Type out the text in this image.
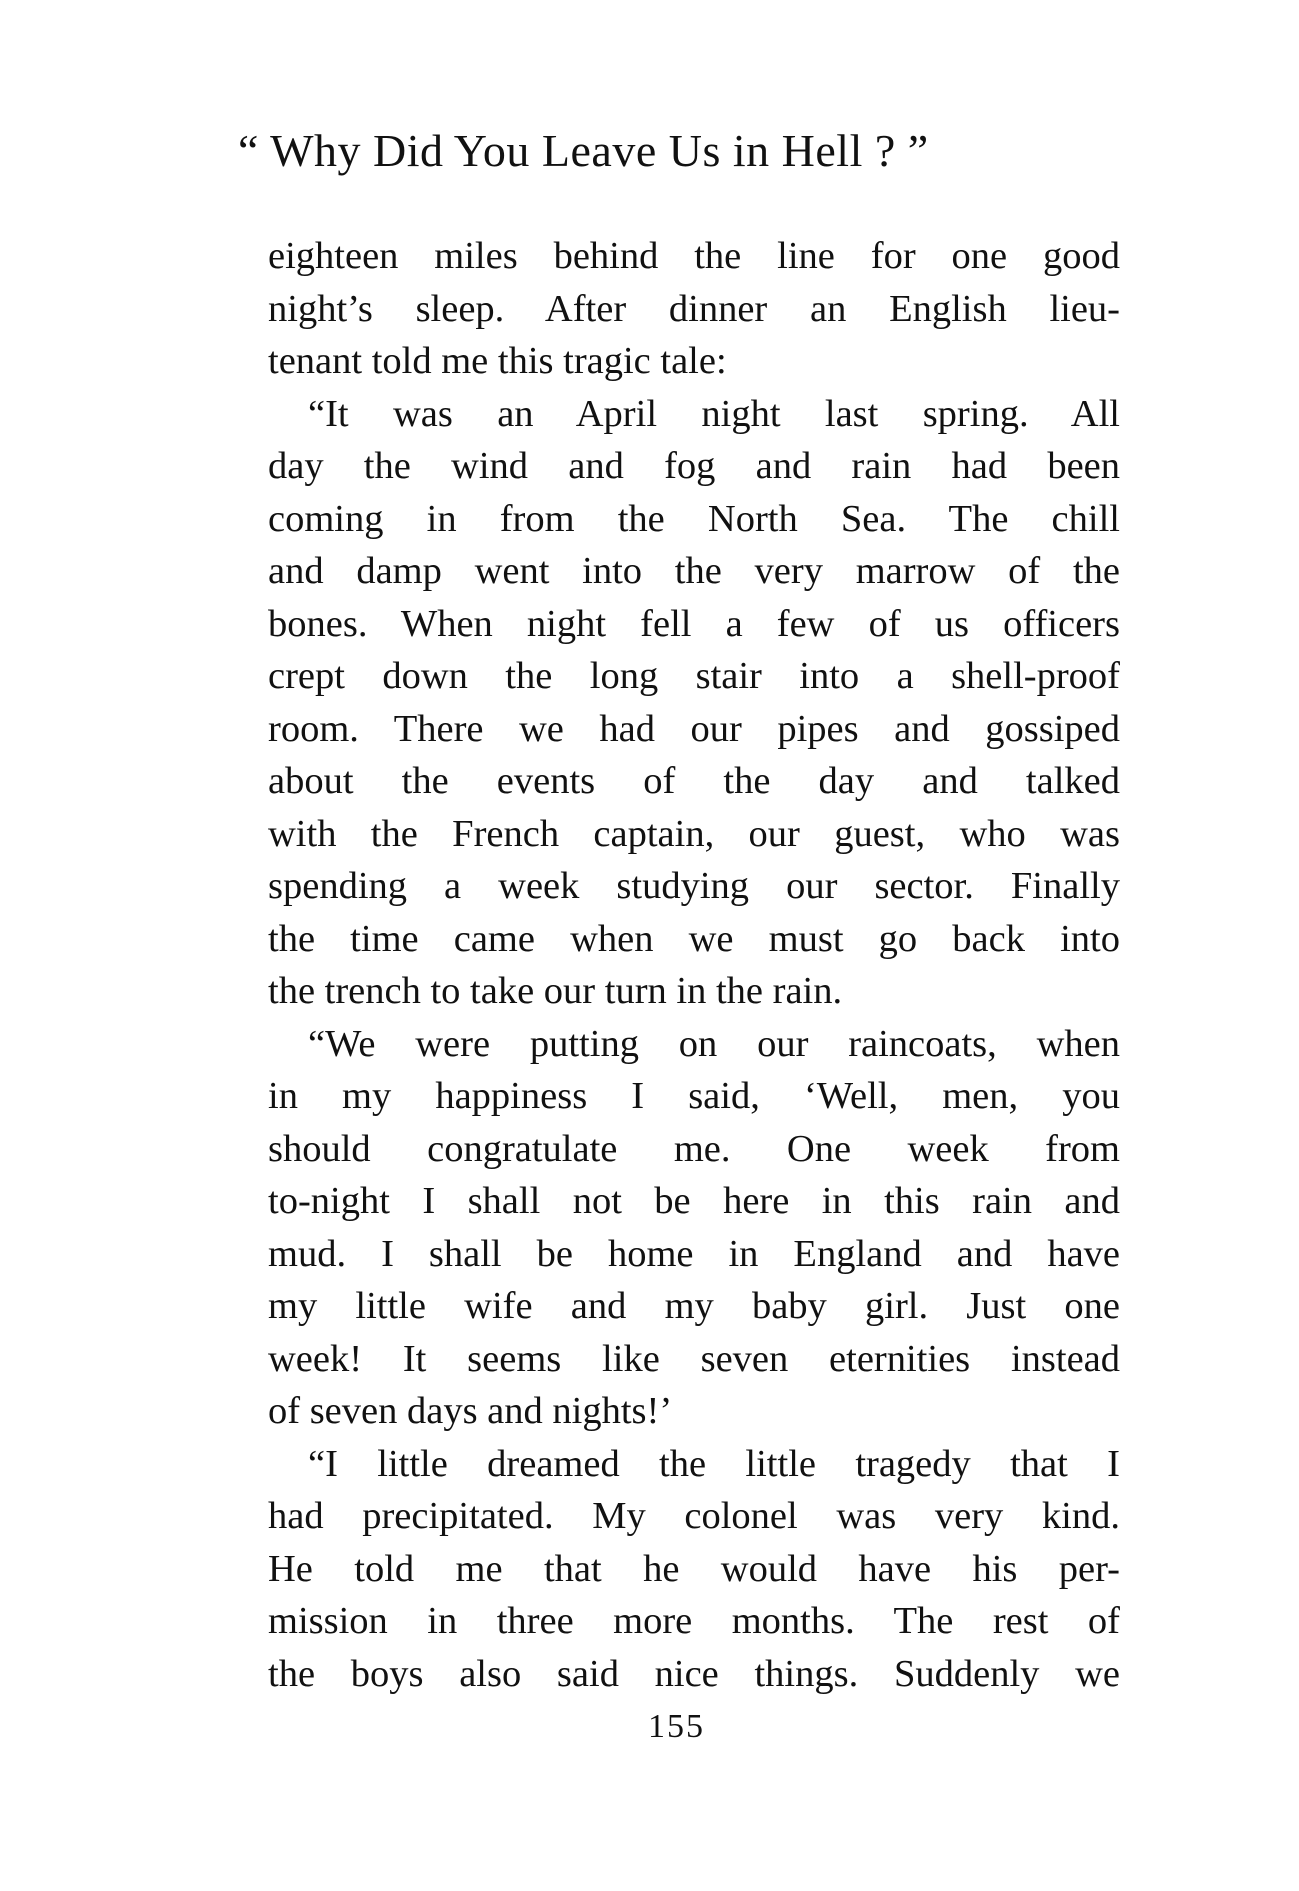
“ Why Did You Leave Us in Hell ? ”
eighteen miles behind the line for one good
night’s sleep. After dinner an English lieu-
tenant told me this tragic tale:
“It was an April night last spring. All
day the wind and fog and rain had been
coming in from the North Sea. The chill
and damp went into the very marrow of the
bones. When night fell a few of us officers
crept down the long stair into a shell-proof
room. There we had our pipes and gossiped
about the events of the day and talked
with the French captain, our guest, who was
spending a week studying our sector. Finally
the time came when we must go back into
the trench to take our turn in the rain.
“We were putting on our raincoats, when
in my happiness I said, ‘Well, men, you
should congratulate me. One week from
to-night I shall not be here in this rain and
mud. I shall be home in England and have
my little wife and my baby girl. Just one
week! It seems like seven eternities instead
of seven days and nights!’
“I little dreamed the little tragedy that I
had precipitated. My colonel was very kind.
He told me that he would have his per-
mission in three more months. The rest of
the boys also said nice things. Suddenly we
155
